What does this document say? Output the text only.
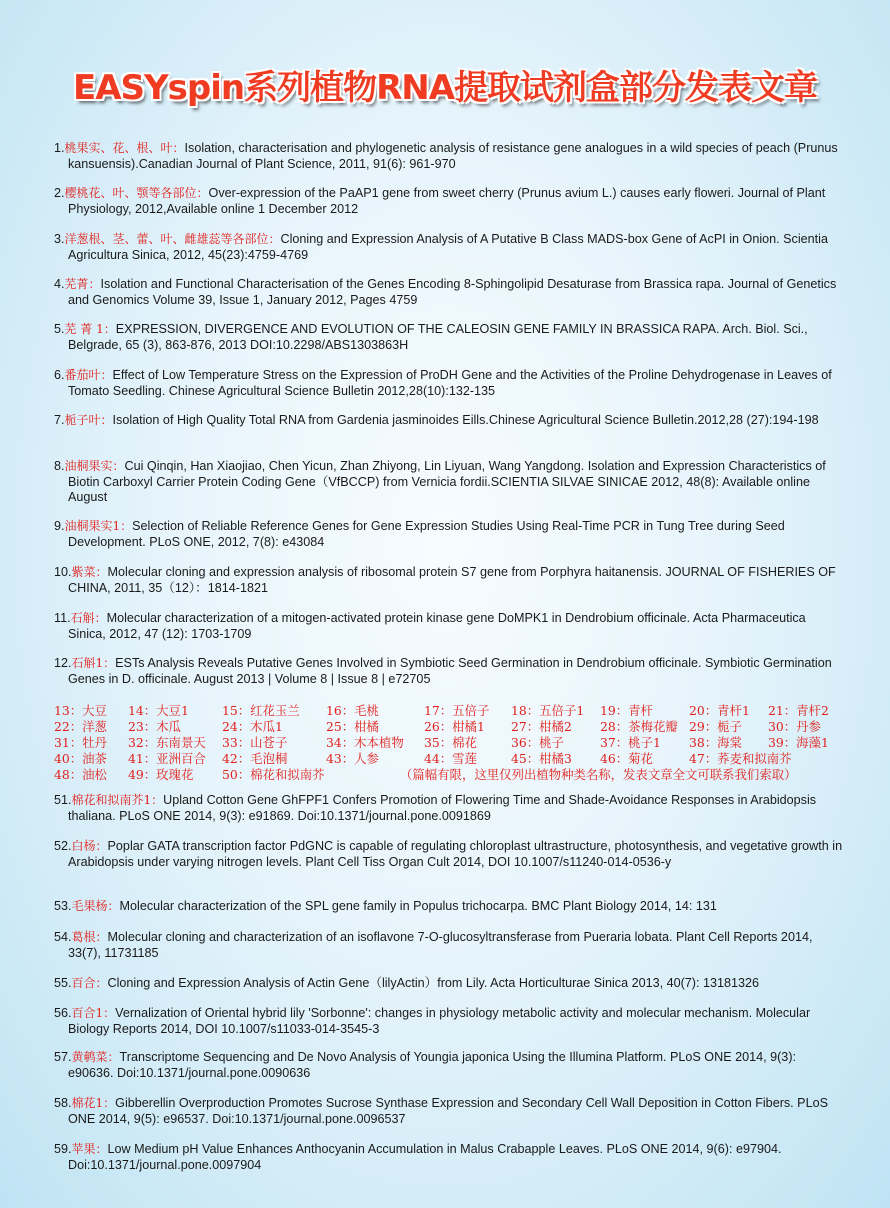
EASYspin系列植物RNA提取试剂盒部分发表文章
1.桃果实、花、根、叶：Isolation, characterisation and phylogenetic analysis of resistance gene analogues in a wild species of peach (Prunus kansuensis).Canadian Journal of Plant Science, 2011, 91(6): 961-970
2.樱桃花、叶、颚等各部位：Over-expression of the PaAP1 gene from sweet cherry (Prunus avium L.) causes early floweri. Journal of Plant Physiology, 2012,Available online 1 December 2012
3.洋葱根、茎、蕾、叶、雌雄蕊等各部位：Cloning and Expression Analysis of A Putative B Class MADS-box Gene of AcPI in Onion. Scientia Agricultura Sinica, 2012, 45(23):4759-4769
4.芜菁：Isolation and Functional Characterisation of the Genes Encoding 8-Sphingolipid Desaturase from Brassica rapa. Journal of Genetics and Genomics Volume 39, Issue 1, January 2012, Pages 4759
5.芜 菁 1：EXPRESSION, DIVERGENCE AND EVOLUTION OF THE CALEOSIN GENE FAMILY IN BRASSICA RAPA. Arch. Biol. Sci., Belgrade, 65 (3), 863-876, 2013 DOI:10.2298/ABS1303863H
6.番茄叶：Effect of Low Temperature Stress on the Expression of ProDH Gene and the Activities of the Proline Dehydrogenase in Leaves of Tomato Seedling. Chinese Agricultural Science Bulletin 2012,28(10):132-135
7.栀子叶：Isolation of High Quality Total RNA from Gardenia jasminoides Eills.Chinese Agricultural Science Bulletin.2012,28 (27):194-198
8.油桐果实：Cui Qinqin, Han Xiaojiao, Chen Yicun, Zhan Zhiyong, Lin Liyuan, Wang Yangdong. Isolation and Expression Characteristics of Biotin Carboxyl Carrier Protein Coding Gene（VfBCCP) from Vernicia fordii.SCIENTIA SILVAE SINICAE 2012, 48(8): Available online August
9.油桐果实1：Selection of Reliable Reference Genes for Gene Expression Studies Using Real-Time PCR in Tung Tree during Seed Development. PLoS ONE, 2012, 7(8): e43084
10.紫菜：Molecular cloning and expression analysis of ribosomal protein S7 gene from Porphyra haitanensis. JOURNAL OF FISHERIES OF CHINA, 2011, 35（12）：1814-1821
11.石斛：Molecular characterization of a mitogen-activated protein kinase gene DoMPK1 in Dendrobium officinale. Acta Pharmaceutica Sinica, 2012, 47 (12): 1703-1709
12.石斛1：ESTs Analysis Reveals Putative Genes Involved in Symbiotic Seed Germination in Dendrobium officinale. Symbiotic Germination Genes in D. officinale. August 2013 | Volume 8 | Issue 8 | e72705
51.棉花和拟南芥1：Upland Cotton Gene GhFPF1 Confers Promotion of Flowering Time and Shade-Avoidance Responses in Arabidopsis thaliana. PLoS ONE 2014, 9(3): e91869. Doi:10.1371/journal.pone.0091869
52.白杨：Poplar GATA transcription factor PdGNC is capable of regulating chloroplast ultrastructure, photosynthesis, and vegetative growth in Arabidopsis under varying nitrogen levels. Plant Cell Tiss Organ Cult 2014, DOI 10.1007/s11240-014-0536-y
53.毛果杨：Molecular characterization of the SPL gene family in Populus trichocarpa. BMC Plant Biology 2014, 14: 131
54.葛根：Molecular cloning and characterization of an isoflavone 7-O-glucosyltransferase from Pueraria lobata. Plant Cell Reports 2014, 33(7), 11731185
55.百合：Cloning and Expression Analysis of Actin Gene（lilyActin）from Lily. Acta Horticulturae Sinica 2013, 40(7): 13181326
56.百合1：Vernalization of Oriental hybrid lily 'Sorbonne': changes in physiology metabolic activity and molecular mechanism. Molecular Biology Reports 2014, DOI 10.1007/s11033-014-3545-3
57.黄鹌菜：Transcriptome Sequencing and De Novo Analysis of Youngia japonica Using the Illumina Platform. PLoS ONE 2014, 9(3): e90636. Doi:10.1371/journal.pone.0090636
58.棉花1：Gibberellin Overproduction Promotes Sucrose Synthase Expression and Secondary Cell Wall Deposition in Cotton Fibers. PLoS ONE 2014, 9(5): e96537. Doi:10.1371/journal.pone.0096537
59.苹果：Low Medium pH Value Enhances Anthocyanin Accumulation in Malus Crabapple Leaves. PLoS ONE 2014, 9(6): e97904. Doi:10.1371/journal.pone.0097904
13：大豆 14：大豆1	15：红花玉兰 16：毛桃	17：五倍子 18：五倍子1 19：青杆	20：青杆1 21：青杆2
22：洋葱 23：木瓜	24：木瓜1	25：柑橘	26：柑橘1 27：柑橘2 28：茶梅花瓣 29：栀子 30：丹参
31：牡丹 32：东南景天 33：山苍子	34：木本植物 35：棉花	36：桃子	37：桃子1 38：海棠 39：海藻1
40：油茶 41：亚洲百合 42：毛泡桐	43：人参	44：雪莲	45：柑橘3 46：菊花	47：荞麦和拟南芥
48：油松 49：玫瑰花 50：棉花和拟南芥	（篇幅有限，这里仅列出植物种类名称，发表文章全文可联系我们索取）
